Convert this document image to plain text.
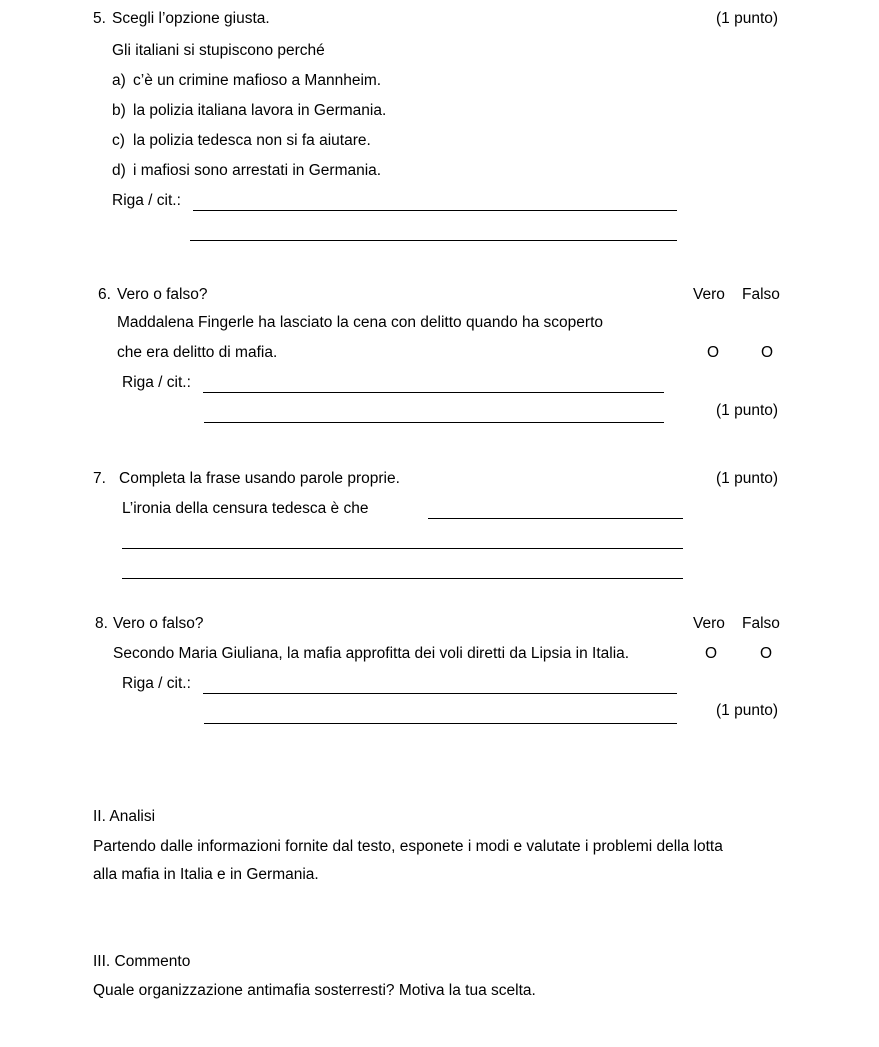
5. Scegli l’opzione giusta.	(1 punto)
Gli italiani si stupiscono perché
a) c’è un crimine mafioso a Mannheim.
b) la polizia italiana lavora in Germania.
c) la polizia tedesca non si fa aiutare.
d) i mafiosi sono arrestati in Germania.
Riga / cit.:
6. Vero o falso?	Vero Falso
Maddalena Fingerle ha lasciato la cena con delitto quando ha scoperto
che era delitto di mafia.	O	O
Riga / cit.:
(1 punto)
7. Completa la frase usando parole proprie.	(1 punto)
L’ironia della censura tedesca è che
8. Vero o falso?	Vero Falso
Secondo Maria Giuliana, la mafia approfitta dei voli diretti da Lipsia in Italia.	O	O
Riga / cit.:
(1 punto)
II. Analisi
Partendo dalle informazioni fornite dal testo, esponete i modi e valutate i problemi della lotta
alla mafia in Italia e in Germania.
III. Commento
Quale organizzazione antimafia sosterresti? Motiva la tua scelta.
